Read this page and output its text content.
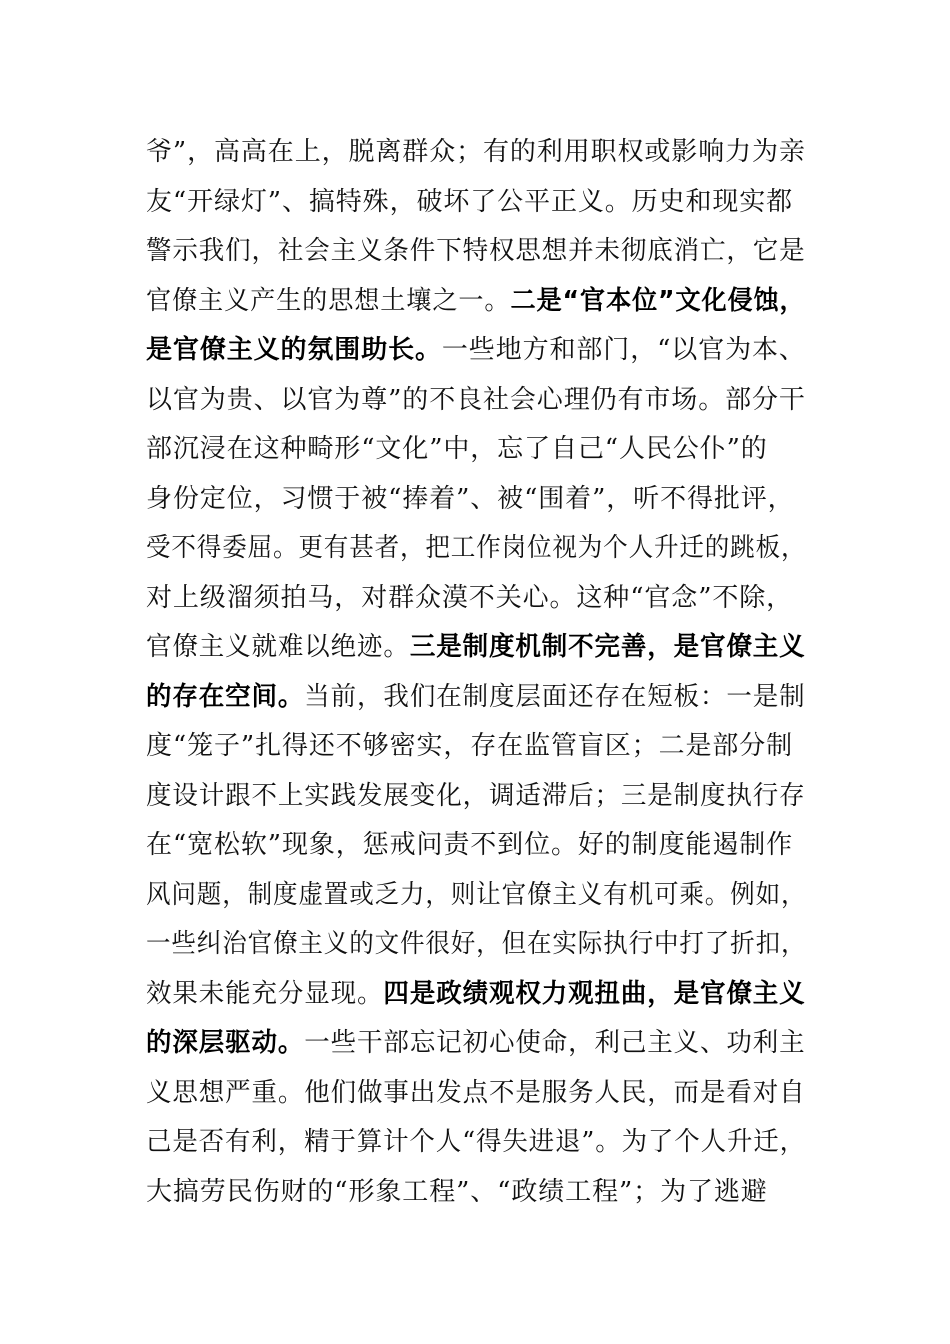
爷”，高高在上，脱离群众；有的利用职权或影响力为亲
友“开绿灯”、搞特殊，破坏了公平正义。历史和现实都
警示我们，社会主义条件下特权思想并未彻底消亡，它是
官僚主义产生的思想土壤之一。二是“官本位”文化侵蚀，
是官僚主义的氛围助长。一些地方和部门，“以官为本、
以官为贵、以官为尊”的不良社会心理仍有市场。部分干
部沉浸在这种畸形“文化”中，忘了自己“人民公仆”的
身份定位，习惯于被“捧着”、被“围着”，听不得批评，
受不得委屈。更有甚者，把工作岗位视为个人升迁的跳板，
对上级溜须拍马，对群众漠不关心。这种“官念”不除，
官僚主义就难以绝迹。三是制度机制不完善，是官僚主义
的存在空间。当前，我们在制度层面还存在短板：一是制
度“笼子”扎得还不够密实，存在监管盲区；二是部分制
度设计跟不上实践发展变化，调适滞后；三是制度执行存
在“宽松软”现象，惩戒问责不到位。好的制度能遏制作
风问题，制度虚置或乏力，则让官僚主义有机可乘。例如，
一些纠治官僚主义的文件很好，但在实际执行中打了折扣，
效果未能充分显现。四是政绩观权力观扭曲，是官僚主义
的深层驱动。一些干部忘记初心使命，利己主义、功利主
义思想严重。他们做事出发点不是服务人民，而是看对自
己是否有利，精于算计个人“得失进退”。为了个人升迁，
大搞劳民伤财的“形象工程”、“政绩工程”；为了逃避
